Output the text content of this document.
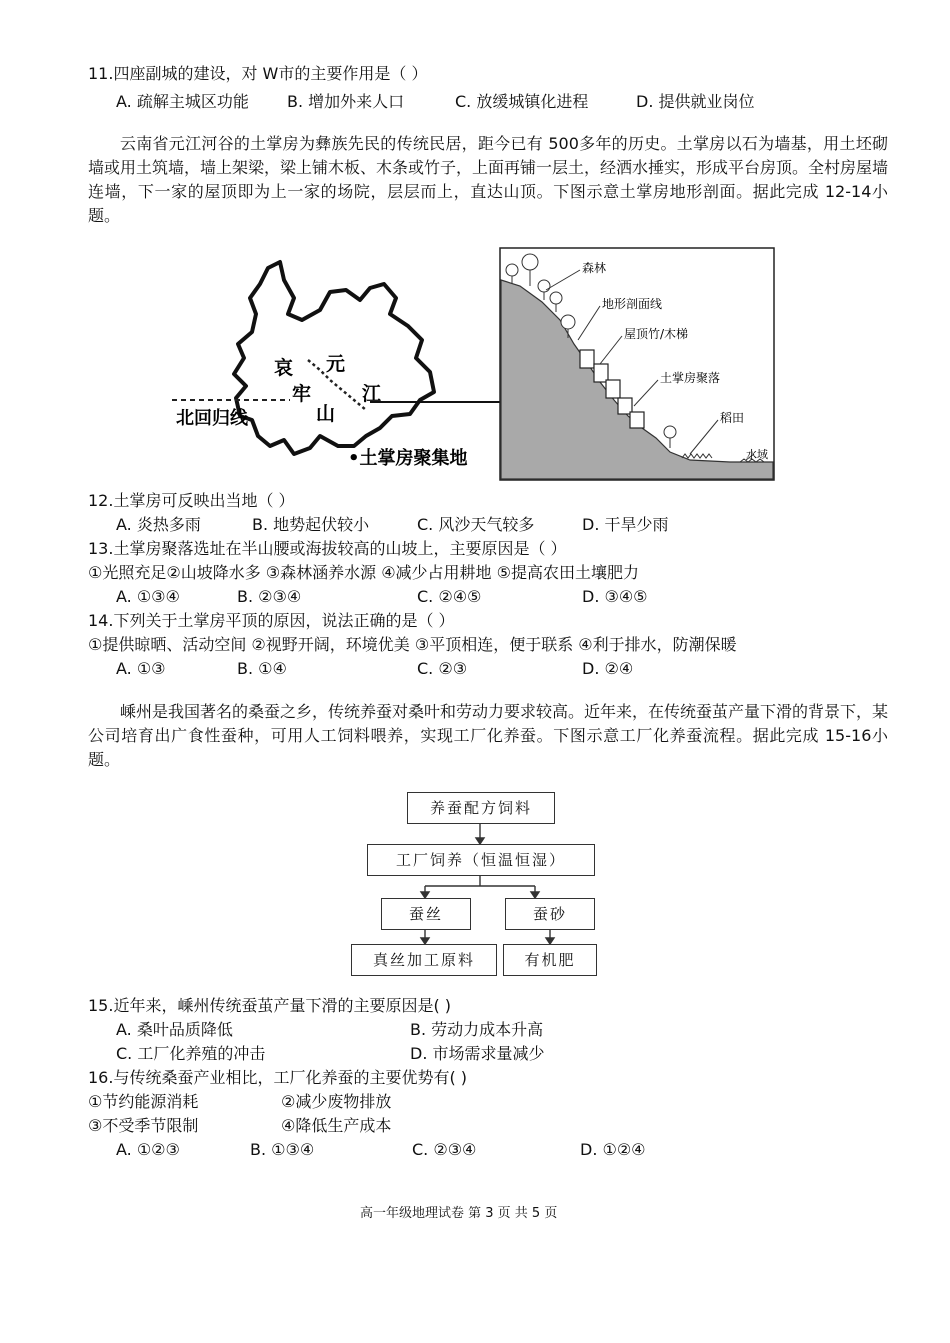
11.四座副城的建设，对 W市的主要作用是（ ）
A. 疏解主城区功能 B. 增加外来人口	C. 放缓城镇化进程	D. 提供就业岗位
云南省元江河谷的土掌房为彝族先民的传统民居，距今已有 500多年的历史。土掌房以石为墙基，用土坯砌墙或用土筑墙，墙上架梁，梁上铺木板、木条或竹子，上面再铺一层土，经洒水捶实，形成平台房顶。全村房屋墙连墙，下一家的屋顶即为上一家的场院，层层而上，直达山顶。下图示意土掌房地形剖面。据此完成 12-14小题。
哀 元
牢	江
山
北回归线
•土掌房聚集地
森林
地形剖面线
屋顶竹/木梯
土掌房聚落
稻田
水域
12.土掌房可反映出当地（ ）
A. 炎热多雨	B. 地势起伏较小	C. 风沙天气较多	D. 干旱少雨
13.土掌房聚落选址在半山腰或海拔较高的山坡上，主要原因是（ ）
①光照充足②山坡降水多 ③森林涵养水源 ④减少占用耕地 ⑤提高农田土壤肥力
A. ①③④	B. ②③④	C. ②④⑤	D. ③④⑤
14.下列关于土掌房平顶的原因，说法正确的是（ ）
①提供晾晒、活动空间 ②视野开阔，环境优美 ③平顶相连，便于联系 ④利于排水，防潮保暖
A. ①③	B. ①④	C. ②③	D. ②④
嵊州是我国著名的桑蚕之乡，传统养蚕对桑叶和劳动力要求较高。近年来，在传统蚕茧产量下滑的背景下，某公司培育出广食性蚕种，可用人工饲料喂养，实现工厂化养蚕。下图示意工厂化养蚕流程。据此完成 15-16小题。
养蚕配方饲料
工厂饲养（恒温恒湿）
蚕丝	蚕砂
真丝加工原料	有机肥
15.近年来，嵊州传统蚕茧产量下滑的主要原因是( )
A. 桑叶品质降低	B. 劳动力成本升高
C. 工厂化养殖的冲击	D. 市场需求量减少
16.与传统桑蚕产业相比，工厂化养蚕的主要优势有( )
①节约能源消耗	②减少废物排放
③不受季节限制	④降低生产成本
A. ①②③	B. ①③④	C. ②③④	D. ①②④
高一年级地理试卷 第 3 页 共 5 页
